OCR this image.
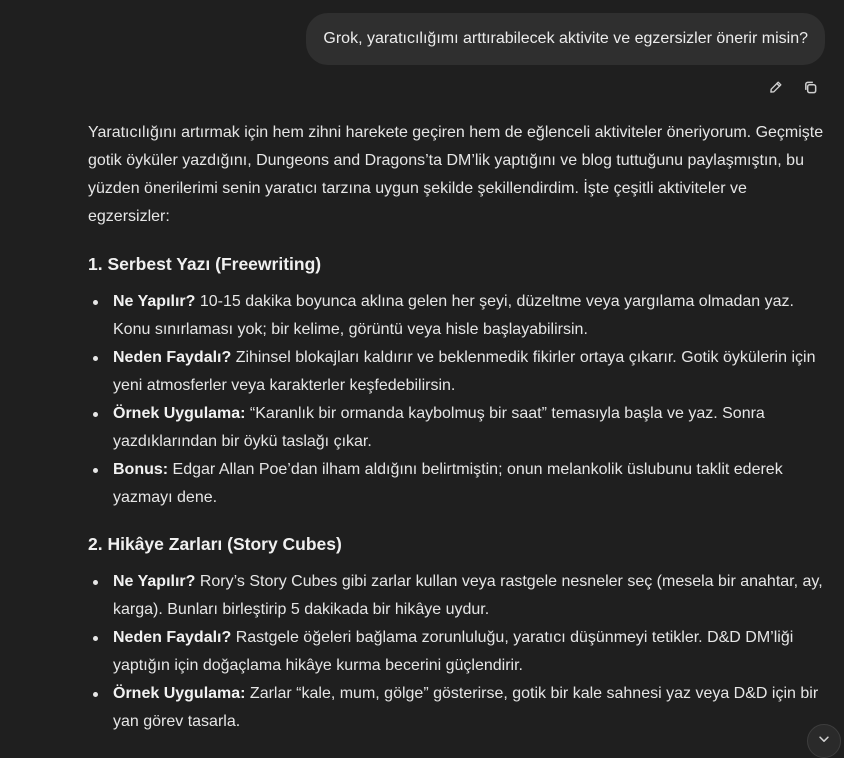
Grok, yaratıcılığımı arttırabilecek aktivite ve egzersizler önerir misin?

Yaratıcılığını artırmak için hem zihni harekete geçiren hem de eğlenceli aktiviteler öneriyorum. Geçmişte gotik öyküler yazdığını, Dungeons and Dragons’ta DM’lik yaptığını ve blog tuttuğunu paylaşmıştın, bu yüzden önerilerimi senin yaratıcı tarzına uygun şekilde şekillendirdim. İşte çeşitli aktiviteler ve egzersizler:

1. Serbest Yazı (Freewriting)
Ne Yapılır? 10-15 dakika boyunca aklına gelen her şeyi, düzeltme veya yargılama olmadan yaz. Konu sınırlaması yok; bir kelime, görüntü veya hisle başlayabilirsin.
Neden Faydalı? Zihinsel blokajları kaldırır ve beklenmedik fikirler ortaya çıkarır. Gotik öykülerin için yeni atmosferler veya karakterler keşfedebilirsin.
Örnek Uygulama: “Karanlık bir ormanda kaybolmuş bir saat” temasıyla başla ve yaz. Sonra yazdıklarından bir öykü taslağı çıkar.
Bonus: Edgar Allan Poe’dan ilham aldığını belirtmiştin; onun melankolik üslubunu taklit ederek yazmayı dene.
2. Hikâye Zarları (Story Cubes)
Ne Yapılır? Rory’s Story Cubes gibi zarlar kullan veya rastgele nesneler seç (mesela bir anahtar, ay, karga). Bunları birleştirip 5 dakikada bir hikâye uydur.
Neden Faydalı? Rastgele öğeleri bağlama zorunluluğu, yaratıcı düşünmeyi tetikler. D&D DM’liği yaptığın için doğaçlama hikâye kurma becerini güçlendirir.
Örnek Uygulama: Zarlar “kale, mum, gölge” gösterirse, gotik bir kale sahnesi yaz veya D&D için bir yan görev tasarla.
